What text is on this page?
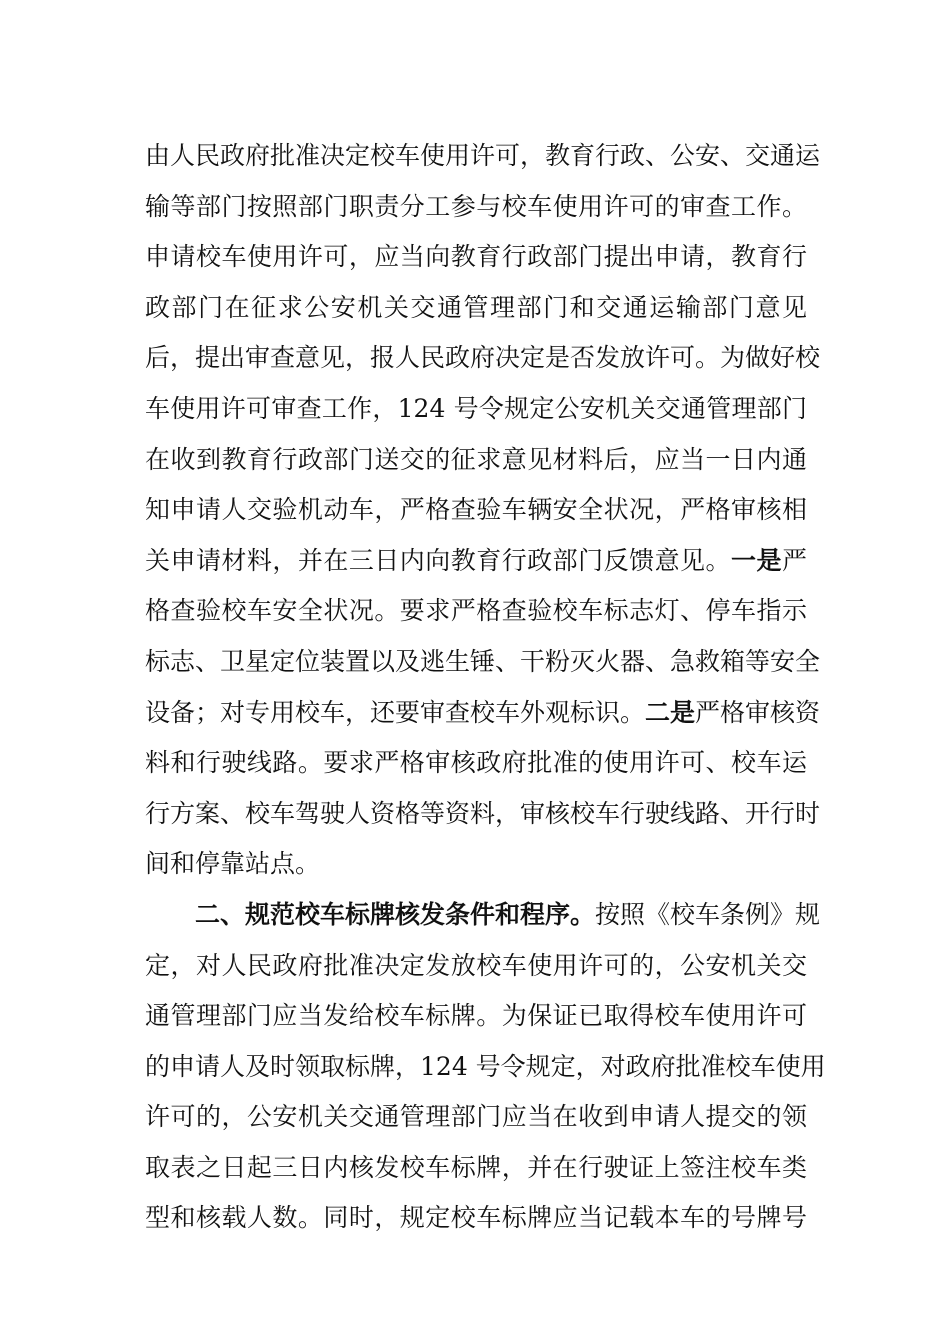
由人民政府批准决定校车使用许可，教育行政、公安、交通运
输等部门按照部门职责分工参与校车使用许可的审查工作。
申请校车使用许可，应当向教育行政部门提出申请，教育行
政部门在征求公安机关交通管理部门和交通运输部门意见
后，提出审查意见，报人民政府决定是否发放许可。为做好校
车使用许可审查工作，124 号令规定公安机关交通管理部门
在收到教育行政部门送交的征求意见材料后，应当一日内通
知申请人交验机动车，严格查验车辆安全状况，严格审核相
关申请材料，并在三日内向教育行政部门反馈意见。一是严
格查验校车安全状况。要求严格查验校车标志灯、停车指示
标志、卫星定位装置以及逃生锤、干粉灭火器、急救箱等安全
设备；对专用校车，还要审查校车外观标识。二是严格审核资
料和行驶线路。要求严格审核政府批准的使用许可、校车运
行方案、校车驾驶人资格等资料，审核校车行驶线路、开行时
间和停靠站点。
二、规范校车标牌核发条件和程序。按照《校车条例》规
定，对人民政府批准决定发放校车使用许可的，公安机关交
通管理部门应当发给校车标牌。为保证已取得校车使用许可
的申请人及时领取标牌，124 号令规定，对政府批准校车使用
许可的，公安机关交通管理部门应当在收到申请人提交的领
取表之日起三日内核发校车标牌，并在行驶证上签注校车类
型和核载人数。同时，规定校车标牌应当记载本车的号牌号
